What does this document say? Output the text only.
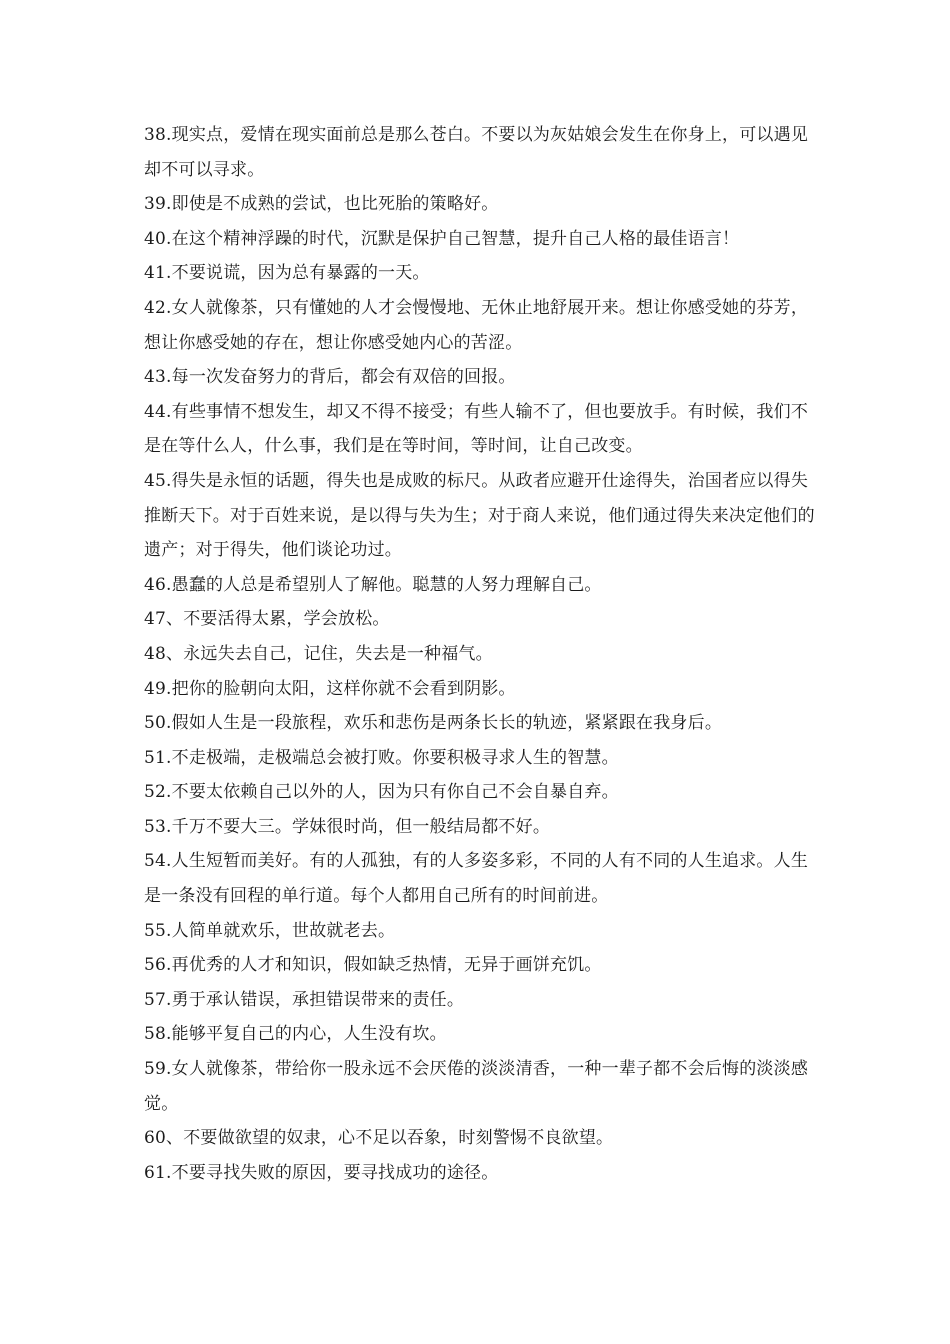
38.现实点，爱情在现实面前总是那么苍白。不要以为灰姑娘会发生在你身上，可以遇见却不可以寻求。

39.即使是不成熟的尝试，也比死胎的策略好。

40.在这个精神浮躁的时代，沉默是保护自己智慧，提升自己人格的最佳语言！

41.不要说谎，因为总有暴露的一天。

42.女人就像茶，只有懂她的人才会慢慢地、无休止地舒展开来。想让你感受她的芬芳，想让你感受她的存在，想让你感受她内心的苦涩。

43.每一次发奋努力的背后，都会有双倍的回报。

44.有些事情不想发生，却又不得不接受；有些人输不了，但也要放手。有时候，我们不是在等什么人，什么事，我们是在等时间，等时间，让自己改变。

45.得失是永恒的话题，得失也是成败的标尺。从政者应避开仕途得失，治国者应以得失推断天下。对于百姓来说，是以得与失为生；对于商人来说，他们通过得失来决定他们的遗产；对于得失，他们谈论功过。

46.愚蠢的人总是希望别人了解他。聪慧的人努力理解自己。

47、不要活得太累，学会放松。

48、永远失去自己，记住，失去是一种福气。

49.把你的脸朝向太阳，这样你就不会看到阴影。

50.假如人生是一段旅程，欢乐和悲伤是两条长长的轨迹，紧紧跟在我身后。

51.不走极端，走极端总会被打败。你要积极寻求人生的智慧。

52.不要太依赖自己以外的人，因为只有你自己不会自暴自弃。

53.千万不要大三。学妹很时尚，但一般结局都不好。

54.人生短暂而美好。有的人孤独，有的人多姿多彩，不同的人有不同的人生追求。人生是一条没有回程的单行道。每个人都用自己所有的时间前进。

55.人简单就欢乐，世故就老去。

56.再优秀的人才和知识，假如缺乏热情，无异于画饼充饥。

57.勇于承认错误，承担错误带来的责任。

58.能够平复自己的内心，人生没有坎。

59.女人就像茶，带给你一股永远不会厌倦的淡淡清香，一种一辈子都不会后悔的淡淡感觉。

60、不要做欲望的奴隶，心不足以吞象，时刻警惕不良欲望。

61.不要寻找失败的原因，要寻找成功的途径。
